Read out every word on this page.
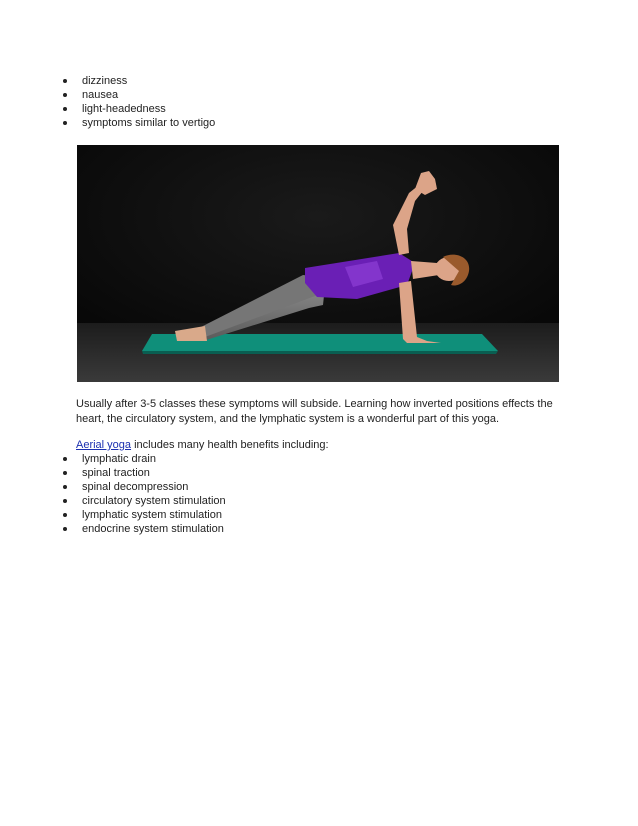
dizziness
nausea
light-headedness
symptoms similar to vertigo

Usually after 3-5 classes these symptoms will subside. Learning how inverted positions effects the heart, the circulatory system, and the lymphatic system is a wonderful part of this yoga.

Aerial yoga includes many health benefits including:

lymphatic drain
spinal traction
spinal decompression
circulatory system stimulation
lymphatic system stimulation
endocrine system stimulation
